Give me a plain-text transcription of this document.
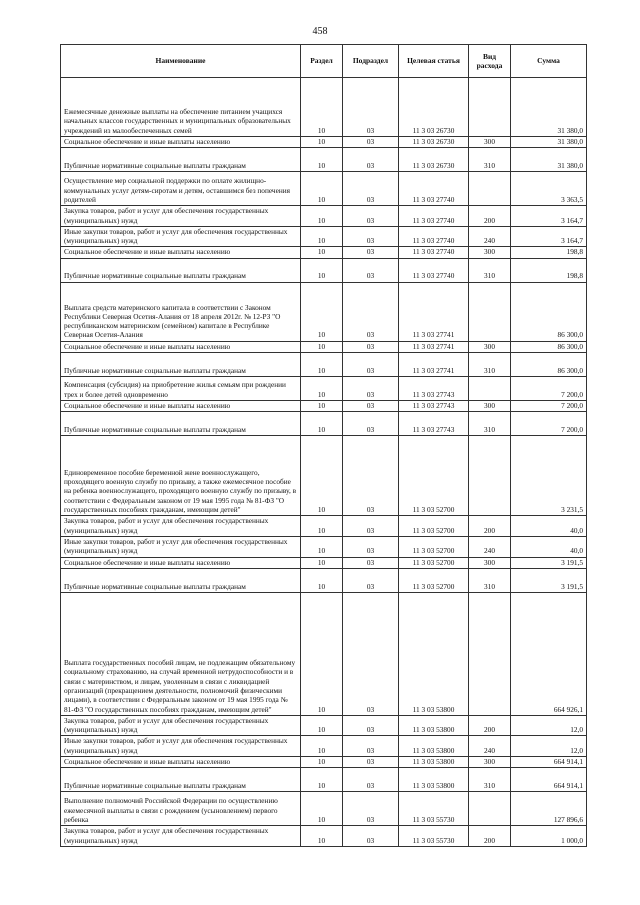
458
Наименование	Раздел	Подраздел	Целевая статья	Вид расхода	Сумма
Ежемесячные денежные выплаты на обеспечение питанием учащихся начальных классов государственных и муниципальных образовательных учреждений из малообеспеченных семей	10	03	11 3 03 26730		31 380,0
Социальное обеспечение и иные выплаты населению	10	03	11 3 03 26730	300	31 380,0
Публичные нормативные социальные выплаты гражданам	10	03	11 3 03 26730	310	31 380,0
Осуществление мер социальной поддержки по оплате жилищно-коммунальных услуг детям-сиротам и детям, оставшимся без попечения родителей	10	03	11 3 03 27740		3 363,5
Закупка товаров, работ и услуг для обеспечения государственных (муниципальных) нужд	10	03	11 3 03 27740	200	3 164,7
Иные закупки товаров, работ и услуг для обеспечения государственных (муниципальных) нужд	10	03	11 3 03 27740	240	3 164,7
Социальное обеспечение и иные выплаты населению	10	03	11 3 03 27740	300	198,8
Публичные нормативные социальные выплаты гражданам	10	03	11 3 03 27740	310	198,8
Выплата средств материнского капитала в соответствии с Законом Республики Северная Осетия-Алания от 18 апреля 2012г. № 12-РЗ "О республиканском материнском (семейном) капитале в Республике Северная Осетия-Алания	10	03	11 3 03 27741		86 300,0
Социальное обеспечение и иные выплаты населению	10	03	11 3 03 27741	300	86 300,0
Публичные нормативные социальные выплаты гражданам	10	03	11 3 03 27741	310	86 300,0
Компенсация (субсидия) на приобретение жилья семьям при рождении трех и более детей одновременно	10	03	11 3 03 27743		7 200,0
Социальное обеспечение и иные выплаты населению	10	03	11 3 03 27743	300	7 200,0
Публичные нормативные социальные выплаты гражданам	10	03	11 3 03 27743	310	7 200,0
Единовременное пособие беременной жене военнослужащего, проходящего военную службу по призыву, а также ежемесячное пособие на ребенка военнослужащего, проходящего военную службу по призыву, в соответствии с Федеральным законом от 19 мая 1995 года № 81-ФЗ "О государственных пособиях гражданам, имеющим детей"	10	03	11 3 03 52700		3 231,5
Закупка товаров, работ и услуг для обеспечения государственных (муниципальных) нужд	10	03	11 3 03 52700	200	40,0
Иные закупки товаров, работ и услуг для обеспечения государственных (муниципальных) нужд	10	03	11 3 03 52700	240	40,0
Социальное обеспечение и иные выплаты населению	10	03	11 3 03 52700	300	3 191,5
Публичные нормативные социальные выплаты гражданам	10	03	11 3 03 52700	310	3 191,5
Выплата государственных пособий лицам, не подлежащим обязательному социальному страхованию, на случай временной нетрудоспособности и в связи с материнством, и лицам, уволенным в связи с ликвидацией организаций (прекращением деятельности, полномочий физическими лицами), в соответствии с Федеральным законом от 19 мая 1995 года № 81-ФЗ "О государственных пособиях гражданам, имеющим детей"	10	03	11 3 03 53800		664 926,1
Закупка товаров, работ и услуг для обеспечения государственных (муниципальных) нужд	10	03	11 3 03 53800	200	12,0
Иные закупки товаров, работ и услуг для обеспечения государственных (муниципальных) нужд	10	03	11 3 03 53800	240	12,0
Социальное обеспечение и иные выплаты населению	10	03	11 3 03 53800	300	664 914,1
Публичные нормативные социальные выплаты гражданам	10	03	11 3 03 53800	310	664 914,1
Выполнение полномочий Российской Федерации по осуществлению ежемесячной выплаты в связи с рождением (усыновлением) первого ребенка	10	03	11 3 03 55730		127 896,6
Закупка товаров, работ и услуг для обеспечения государственных (муниципальных) нужд	10	03	11 3 03 55730	200	1 000,0
